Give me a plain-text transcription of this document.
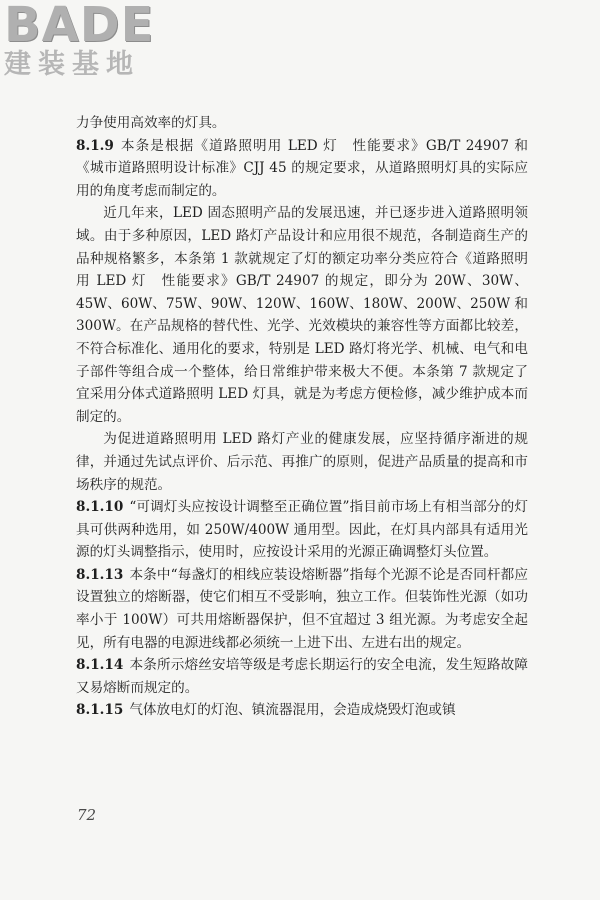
BADE
建装基地

力争使用高效率的灯具。

8.1.9 本条是根据《道路照明用 LED 灯　性能要求》GB/T 24907 和《城市道路照明设计标准》CJJ 45 的规定要求，从道路照明灯具的实际应用的角度考虑而制定的。

近几年来，LED 固态照明产品的发展迅速，并已逐步进入道路照明领域。由于多种原因，LED 路灯产品设计和应用很不规范，各制造商生产的品种规格繁多，本条第 1 款就规定了灯的额定功率分类应符合《道路照明用 LED 灯　性能要求》GB/T 24907 的规定，即分为 20W、30W、45W、60W、75W、90W、120W、160W、180W、200W、250W 和 300W。在产品规格的替代性、光学、光效模块的兼容性等方面都比较差，不符合标准化、通用化的要求，特别是 LED 路灯将光学、机械、电气和电子部件等组合成一个整体，给日常维护带来极大不便。本条第 7 款规定了宜采用分体式道路照明 LED 灯具，就是为考虑方便检修，减少维护成本而制定的。

为促进道路照明用 LED 路灯产业的健康发展，应坚持循序渐进的规律，并通过先试点评价、后示范、再推广的原则，促进产品质量的提高和市场秩序的规范。

8.1.10 “可调灯头应按设计调整至正确位置”指目前市场上有相当部分的灯具可供两种选用，如 250W/400W 通用型。因此，在灯具内部具有适用光源的灯头调整指示，使用时，应按设计采用的光源正确调整灯头位置。

8.1.13 本条中“每盏灯的相线应装设熔断器”指每个光源不论是否同杆都应设置独立的熔断器，使它们相互不受影响，独立工作。但装饰性光源（如功率小于 100W）可共用熔断器保护，但不宜超过 3 组光源。为考虑安全起见，所有电器的电源进线都必须统一上进下出、左进右出的规定。

8.1.14 本条所示熔丝安培等级是考虑长期运行的安全电流，发生短路故障又易熔断而规定的。

8.1.15 气体放电灯的灯泡、镇流器混用，会造成烧毁灯泡或镇

72
